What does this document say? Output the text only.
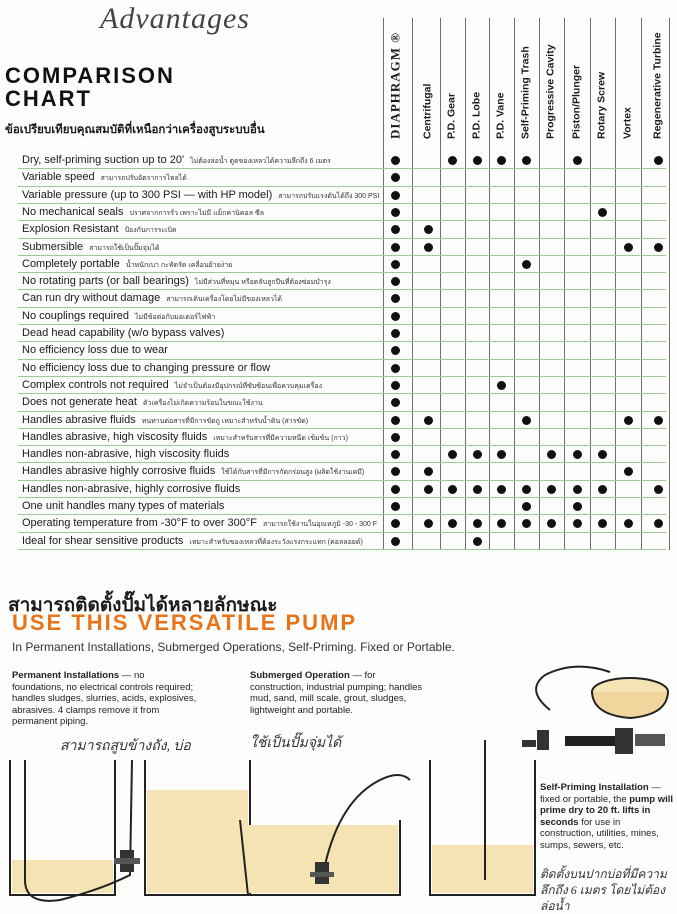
Advantages
COMPARISON
CHART
ข้อเปรียบเทียบคุณสมบัติที่เหนือกว่าเครื่องสูบระบบอื่น	DIAPHRAGM ® Centrifugal P.D. Gear P.D. Lobe P.D. Vane Self-Priming Trash Progressive Cavity Piston/Plunger Rotary Screw Vortex Regenerative Turbine
Dry, self-priming suction up to 20' ไม่ต้องล่อน้ำ ดูดของเหลวได้ความลึกถึง 6 เมตร
Variable speed สามารถปรับอัตราการไหลได้
Variable pressure (up to 300 PSI — with HP model) สามารถปรับแรงดันได้ถึง 300 PSI
No mechanical seals ปราศจากการรั่ว เพราะไม่มี แม็กคานิคอล ซีล
Explosion Resistant ป้องกันการระเบิด
Submersible สามารถใช้เป็นปั๊มจุ่มได้
Completely portable น้ำหนักเบา กะทัดรัด เคลื่อนย้ายง่าย
No rotating parts (or ball bearings) ไม่มีส่วนที่หมุน หรือตลับลูกปืนที่ต้องซ่อมบำรุง
Can run dry without damage สามารถเดินเครื่องโดยไม่มีของเหลวได้
No couplings required ไม่มีข้อต่อกับมอเตอร์ไฟฟ้า
Dead head capability (w/o bypass valves)
No efficiency loss due to wear
No efficiency loss due to changing pressure or flow
Complex controls not required ไม่จำเป็นต้องมีอุปกรณ์ที่ซับซ้อนเพื่อควบคุมเครื่อง
Does not generate heat ตัวเครื่องไม่เกิดความร้อนในขณะใช้งาน
Handles abrasive fluids ทนทานต่อสารที่มีการขัดถู เหมาะสำหรับน้ำดิน (สารขัด)
Handles abrasive, high viscosity fluids เหมาะสำหรับสารที่มีความหนืด เข้มข้น (กาว)
Handles non-abrasive, high viscosity fluids
Handles abrasive highly corrosive fluids ใช้ได้กับสารที่มีการกัดกร่อนสูง (ผลิตใช้งานเคมี)
Handles non-abrasive, highly corrosive fluids
One unit handles many types of materials
Operating temperature from -30°F to over 300°F สามารถใช้งานในอุณหภูมิ -30 - 300 F
Ideal for shear sensitive products เหมาะสำหรับของเหลวที่ต้องระวังแรงกระแทก (คอลลอยด์)
สามารถติดตั้งปั๊มได้หลายลักษณะ
USE THIS VERSATILE PUMP
In Permanent Installations, Submerged Operations, Self-Priming. Fixed or Portable.
Permanent Installations — no foundations, no electrical controls required; handles sludges, slurries, acids, explosives, abrasives. 4 clamps remove it from permanent piping.
สามารถสูบข้างถัง, บ่อ
Submerged Operation — for construction, industrial pumping; handles mud, sand, mill scale, grout, sludges, lightweight and portable.
ใช้เป็นปั๊มจุ่มได้
Self-Priming Installation — fixed or portable, the pump will prime dry to 20 ft. lifts in seconds for use in construction, utilities, mines, sumps, sewers, etc.
ติดตั้งบนปากบ่อที่มีความลึกถึง 6 เมตร โดยไม่ต้องล่อน้ำ
